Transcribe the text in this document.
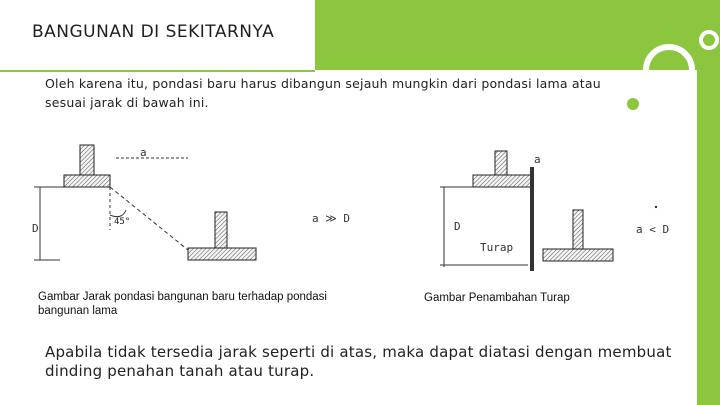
BANGUNAN DI SEKITARNYA
Oleh karena itu, pondasi baru harus dibangun sejauh mungkin dari pondasi lama atau sesuai jarak di bawah ini.
45°
a
D
a ≫ D
a
D
Turap
a < D
Gambar Jarak pondasi bangunan baru terhadap pondasi bangunan lama
Gambar Penambahan Turap
Apabila tidak tersedia jarak seperti di atas, maka dapat diatasi dengan membuat dinding penahan tanah atau turap.
